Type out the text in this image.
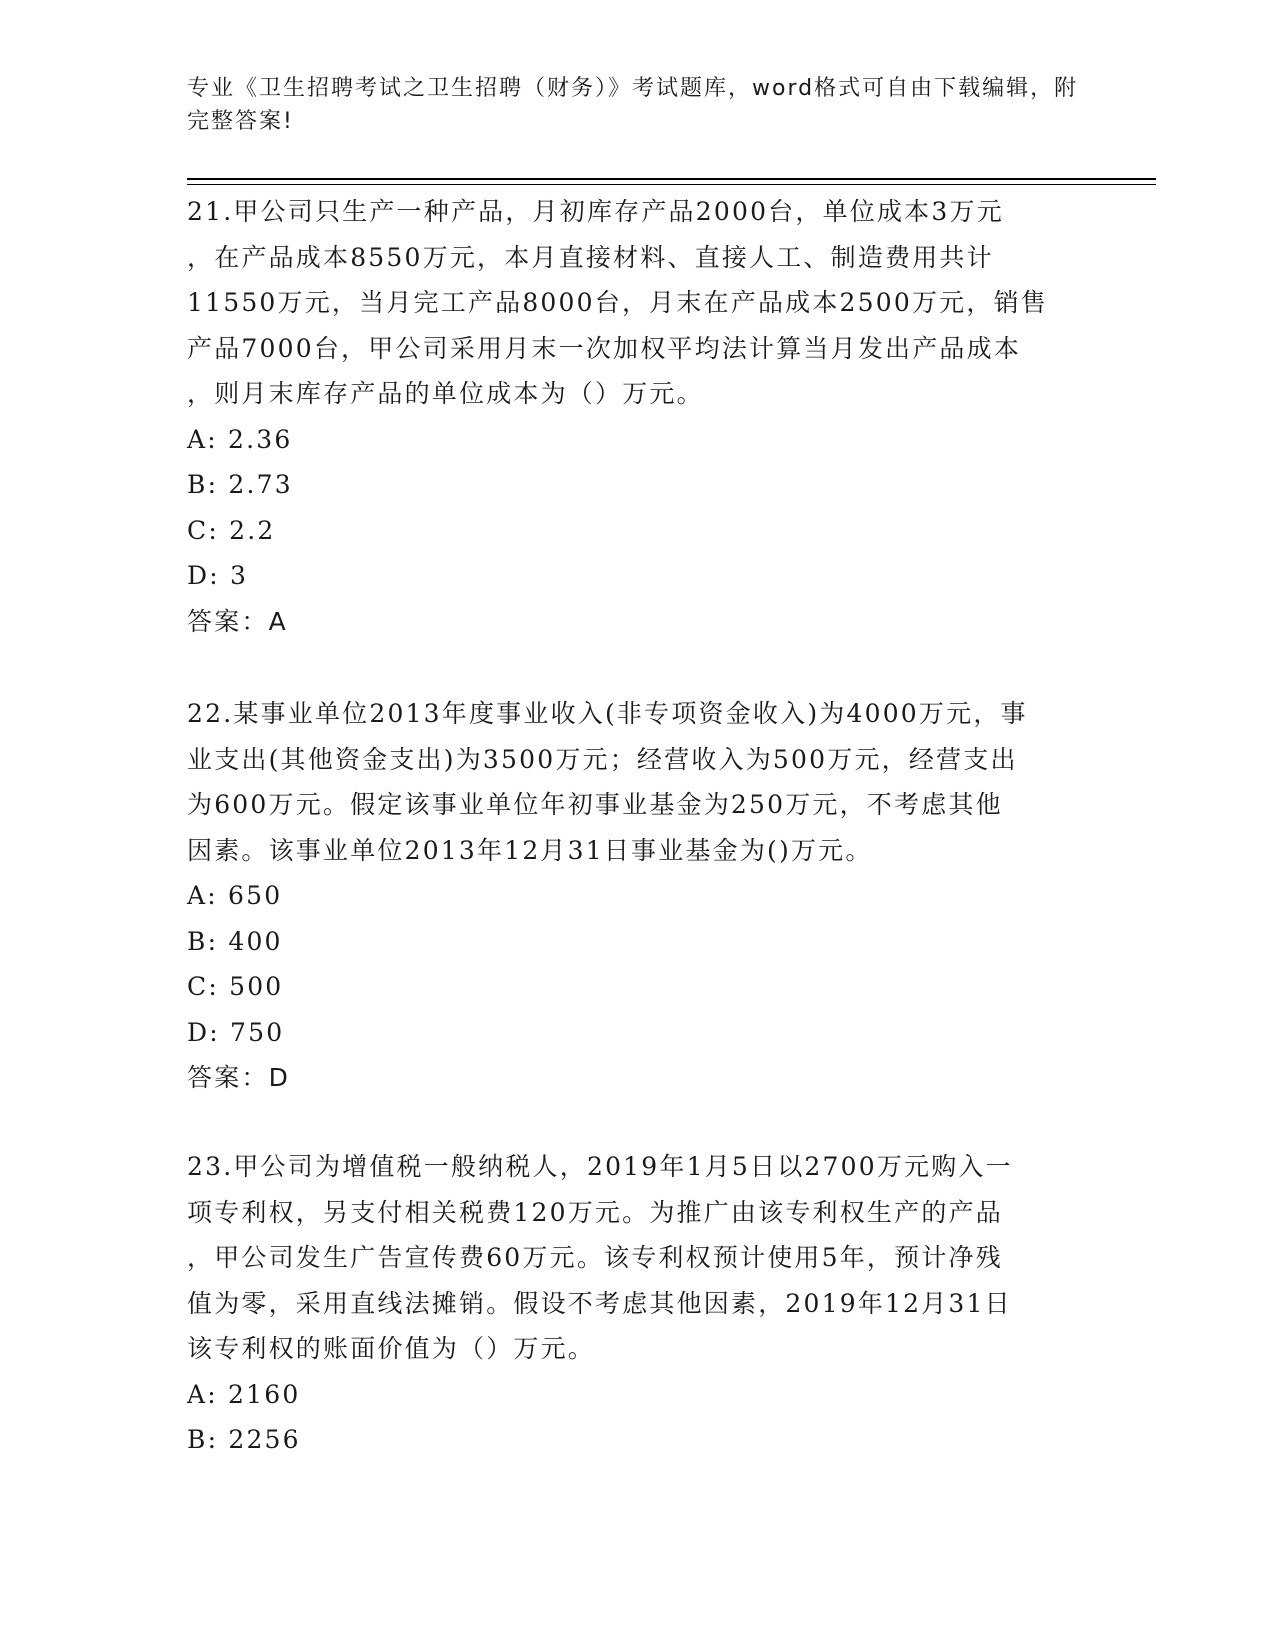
专业《卫生招聘考试之卫生招聘（财务）》考试题库，word格式可自由下载编辑，附完整答案!

21.甲公司只生产一种产品，月初库存产品2000台，单位成本3万元
，在产品成本8550万元，本月直接材料、直接人工、制造费用共计
11550万元，当月完工产品8000台，月末在产品成本2500万元，销售
产品7000台，甲公司采用月末一次加权平均法计算当月发出产品成本
，则月末库存产品的单位成本为（）万元。

A: 2.36

B: 2.73

C: 2.2

D: 3

答案：A

22.某事业单位2013年度事业收入(非专项资金收入)为4000万元，事
业支出(其他资金支出)为3500万元；经营收入为500万元，经营支出
为600万元。假定该事业单位年初事业基金为250万元，不考虑其他
因素。该事业单位2013年12月31日事业基金为()万元。

A: 650

B: 400

C: 500

D: 750

答案：D

23.甲公司为增值税一般纳税人，2019年1月5日以2700万元购入一
项专利权，另支付相关税费120万元。为推广由该专利权生产的产品
，甲公司发生广告宣传费60万元。该专利权预计使用5年，预计净残
值为零，采用直线法摊销。假设不考虑其他因素，2019年12月31日
该专利权的账面价值为（）万元。

A: 2160

B: 2256
